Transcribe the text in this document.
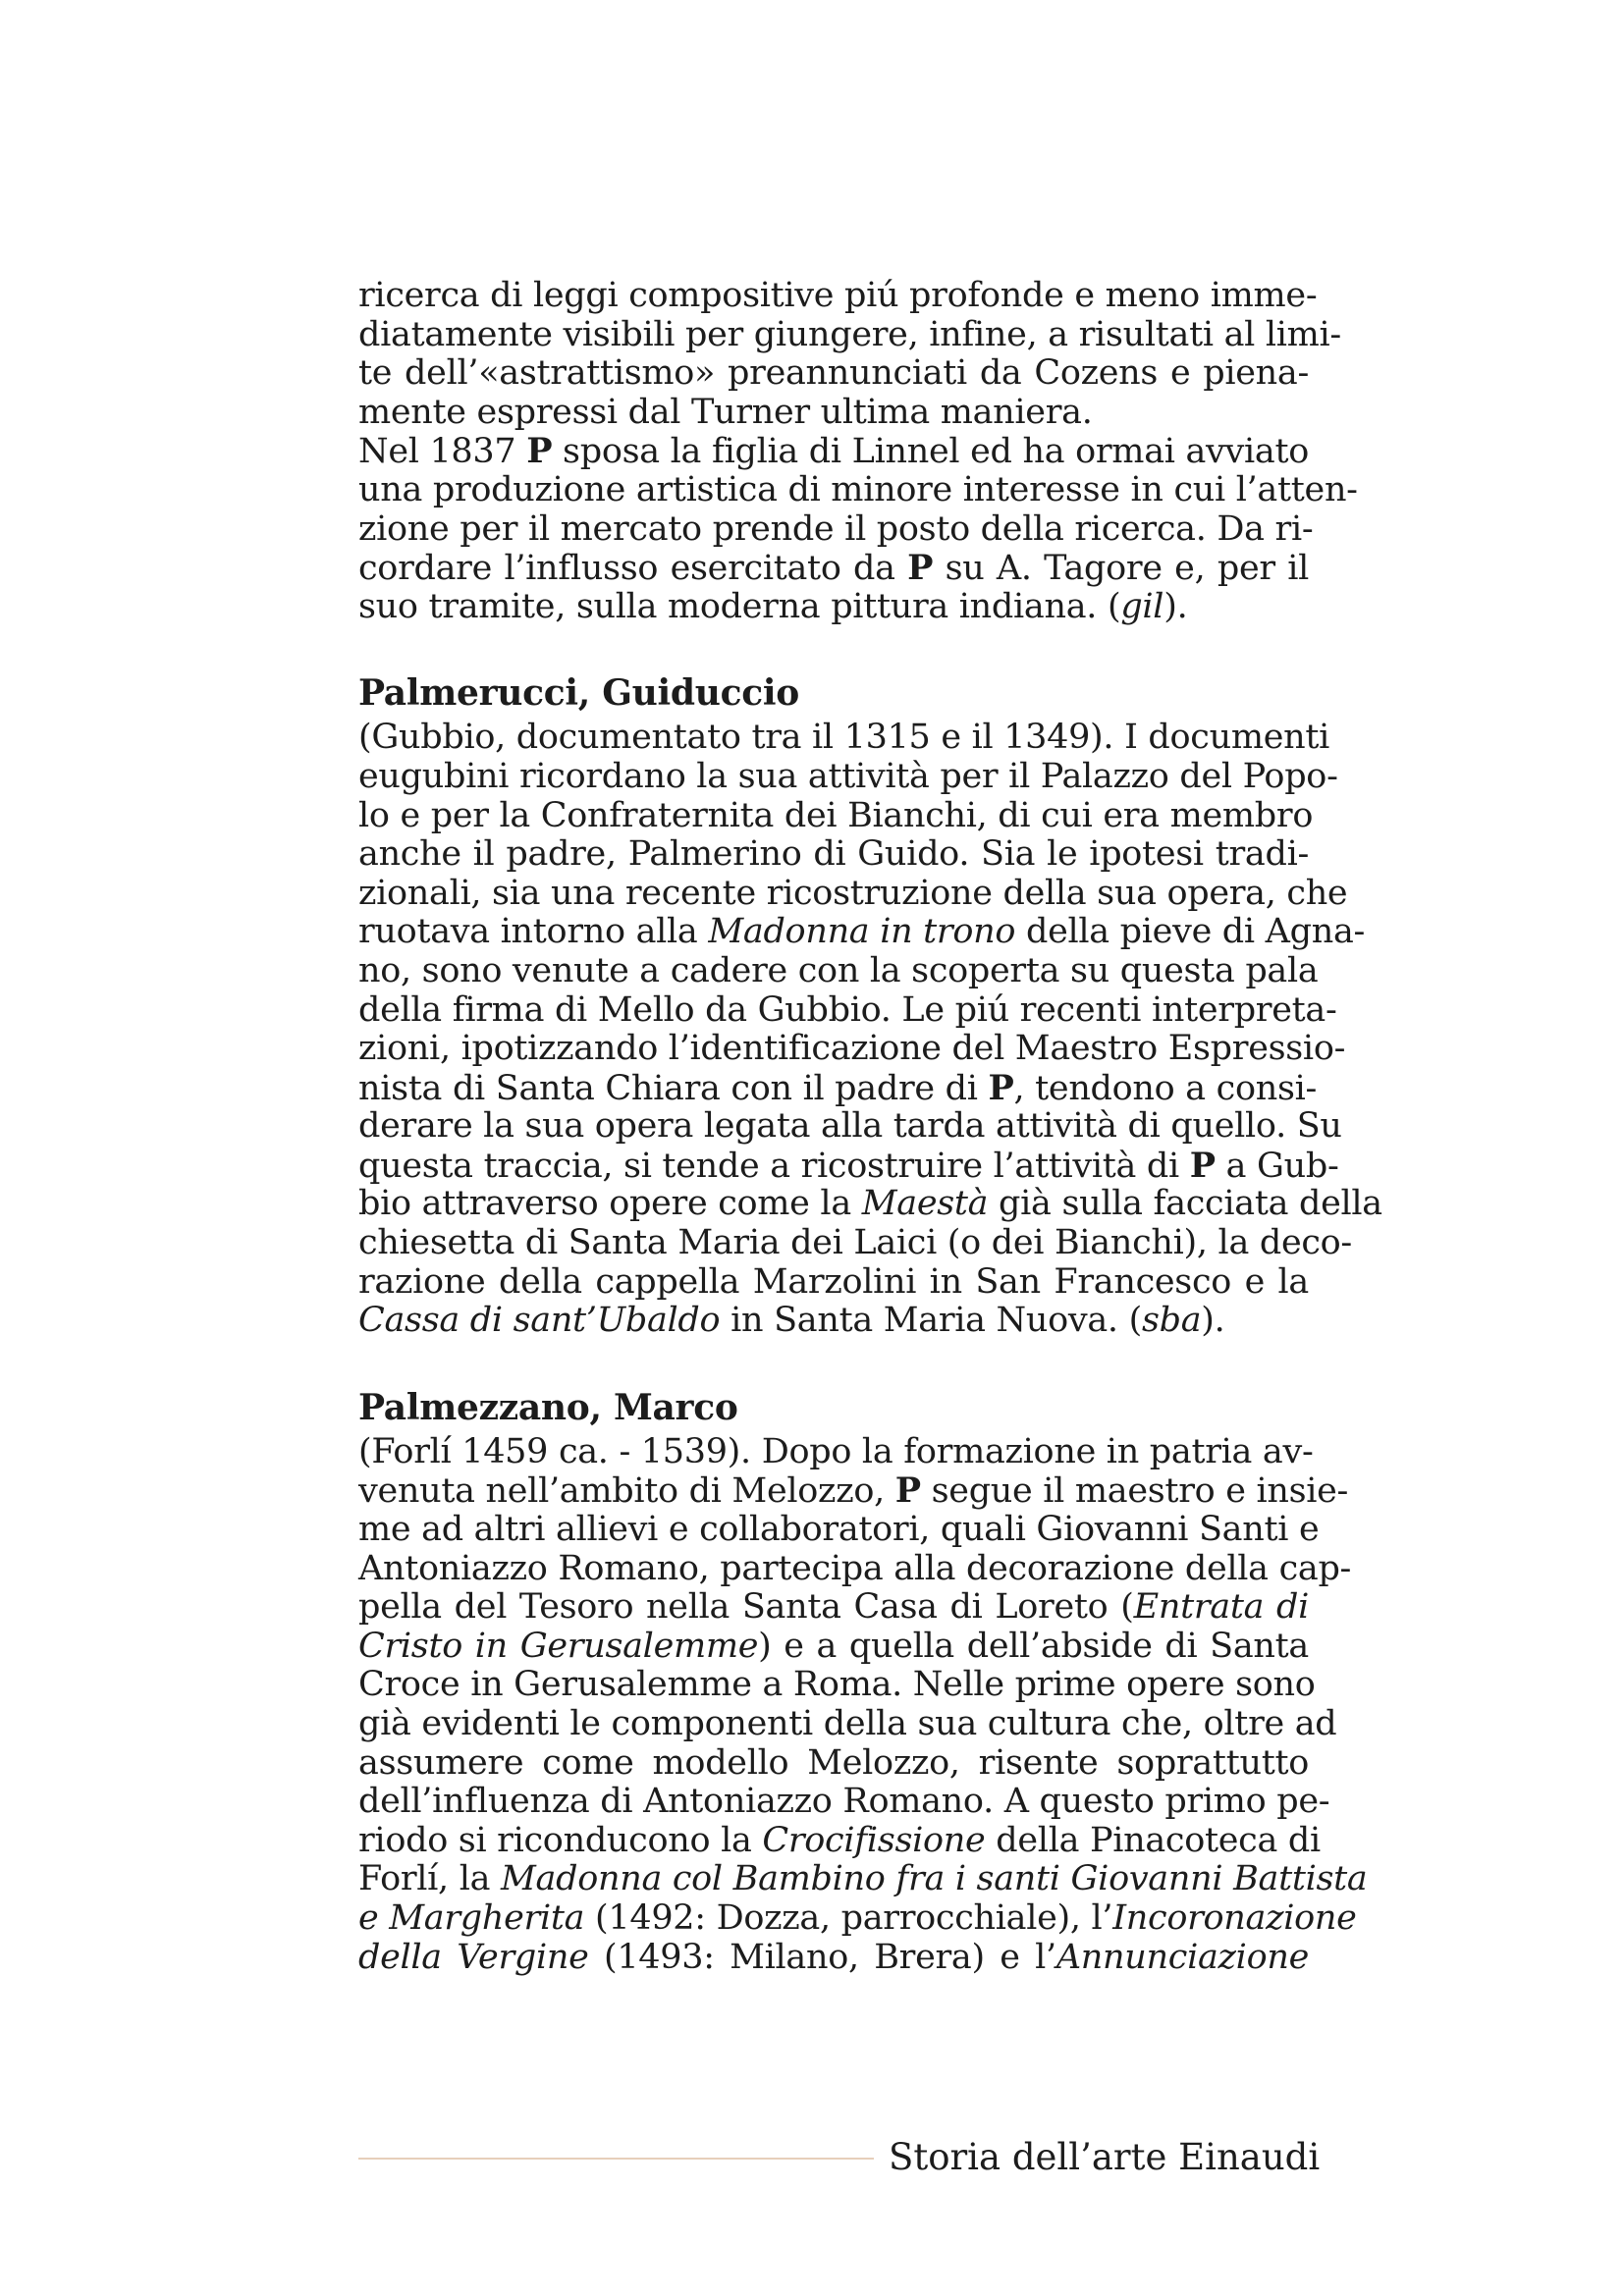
ricerca di leggi compositive piú profonde e meno imme-
diatamente visibili per giungere, infine, a risultati al limi-
te dell’«astrattismo» preannunciati da Cozens e piena-
mente espressi dal Turner ultima maniera.
Nel 1837 P sposa la figlia di Linnel ed ha ormai avviato
una produzione artistica di minore interesse in cui l’atten-
zione per il mercato prende il posto della ricerca. Da ri-
cordare l’influsso esercitato da P su A. Tagore e, per il
suo tramite, sulla moderna pittura indiana. (gil).
Palmerucci, Guiduccio
(Gubbio, documentato tra il 1315 e il 1349). I documenti
eugubini ricordano la sua attività per il Palazzo del Popo-
lo e per la Confraternita dei Bianchi, di cui era membro
anche il padre, Palmerino di Guido. Sia le ipotesi tradi-
zionali, sia una recente ricostruzione della sua opera, che
ruotava intorno alla Madonna in trono della pieve di Agna-
no, sono venute a cadere con la scoperta su questa pala
della firma di Mello da Gubbio. Le piú recenti interpreta-
zioni, ipotizzando l’identificazione del Maestro Espressio-
nista di Santa Chiara con il padre di P, tendono a consi-
derare la sua opera legata alla tarda attività di quello. Su
questa traccia, si tende a ricostruire l’attività di P a Gub-
bio attraverso opere come la Maestà già sulla facciata della
chiesetta di Santa Maria dei Laici (o dei Bianchi), la deco-
razione della cappella Marzolini in San Francesco e la
Cassa di sant’Ubaldo in Santa Maria Nuova. (sba).
Palmezzano, Marco
(Forlí 1459 ca. - 1539). Dopo la formazione in patria av-
venuta nell’ambito di Melozzo, P segue il maestro e insie-
me ad altri allievi e collaboratori, quali Giovanni Santi e
Antoniazzo Romano, partecipa alla decorazione della cap-
pella del Tesoro nella Santa Casa di Loreto (Entrata di
Cristo in Gerusalemme) e a quella dell’abside di Santa
Croce in Gerusalemme a Roma. Nelle prime opere sono
già evidenti le componenti della sua cultura che, oltre ad
assumere come modello Melozzo, risente soprattutto
dell’influenza di Antoniazzo Romano. A questo primo pe-
riodo si riconducono la Crocifissione della Pinacoteca di
Forlí, la Madonna col Bambino fra i santi Giovanni Battista
e Margherita (1492: Dozza, parrocchiale), l’Incoronazione
della Vergine (1493: Milano, Brera) e l’Annunciazione
Storia dell’arte Einaudi
